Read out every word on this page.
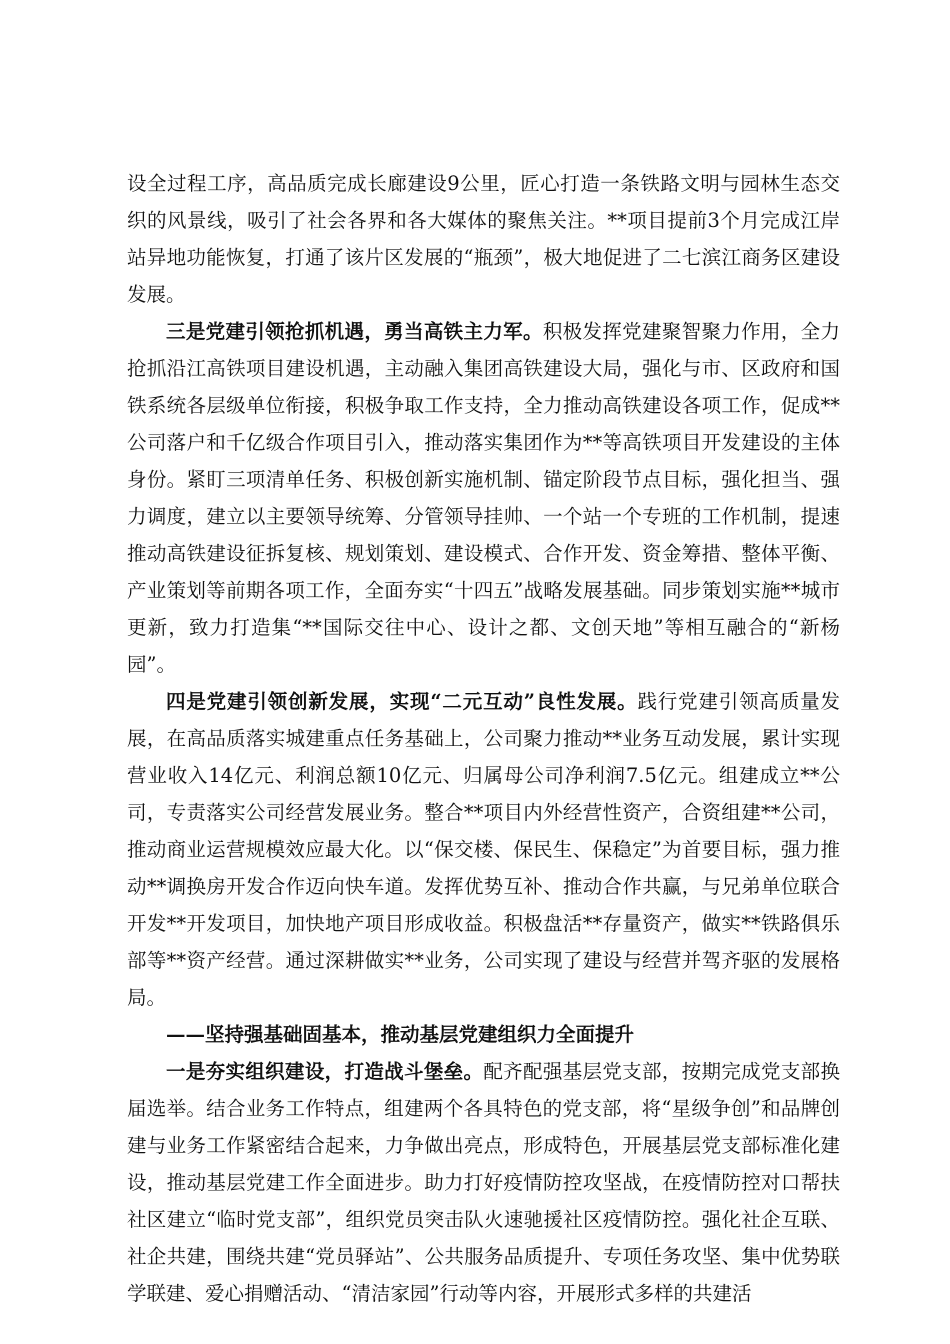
设全过程工序，高品质完成长廊建设9公里，匠心打造一条铁路文明与园林生态交织的风景线，吸引了社会各界和各大媒体的聚焦关注。**项目提前3个月完成江岸站异地功能恢复，打通了该片区发展的“瓶颈”，极大地促进了二七滨江商务区建设发展。

三是党建引领抢抓机遇，勇当高铁主力军。积极发挥党建聚智聚力作用，全力抢抓沿江高铁项目建设机遇，主动融入集团高铁建设大局，强化与市、区政府和国铁系统各层级单位衔接，积极争取工作支持，全力推动高铁建设各项工作，促成**公司落户和千亿级合作项目引入，推动落实集团作为**等高铁项目开发建设的主体身份。紧盯三项清单任务、积极创新实施机制、锚定阶段节点目标，强化担当、强力调度，建立以主要领导统筹、分管领导挂帅、一个站一个专班的工作机制，提速推动高铁建设征拆复核、规划策划、建设模式、合作开发、资金筹措、整体平衡、产业策划等前期各项工作，全面夯实“十四五”战略发展基础。同步策划实施**城市更新，致力打造集“**国际交往中心、设计之都、文创天地”等相互融合的“新杨园”。

四是党建引领创新发展，实现“二元互动”良性发展。践行党建引领高质量发展，在高品质落实城建重点任务基础上，公司聚力推动**业务互动发展，累计实现营业收入14亿元、利润总额10亿元、归属母公司净利润7.5亿元。组建成立**公司，专责落实公司经营发展业务。整合**项目内外经营性资产，合资组建**公司，推动商业运营规模效应最大化。以“保交楼、保民生、保稳定”为首要目标，强力推动**调换房开发合作迈向快车道。发挥优势互补、推动合作共赢，与兄弟单位联合开发**开发项目，加快地产项目形成收益。积极盘活**存量资产，做实**铁路俱乐部等**资产经营。通过深耕做实**业务，公司实现了建设与经营并驾齐驱的发展格局。

——坚持强基础固基本，推动基层党建组织力全面提升

一是夯实组织建设，打造战斗堡垒。配齐配强基层党支部，按期完成党支部换届选举。结合业务工作特点，组建两个各具特色的党支部，将“星级争创”和品牌创建与业务工作紧密结合起来，力争做出亮点，形成特色，开展基层党支部标准化建设，推动基层党建工作全面进步。助力打好疫情防控攻坚战，在疫情防控对口帮扶社区建立“临时党支部”，组织党员突击队火速驰援社区疫情防控。强化社企互联、社企共建，围绕共建“党员驿站”、公共服务品质提升、专项任务攻坚、集中优势联学联建、爱心捐赠活动、“清洁家园”行动等内容，开展形式多样的共建活
